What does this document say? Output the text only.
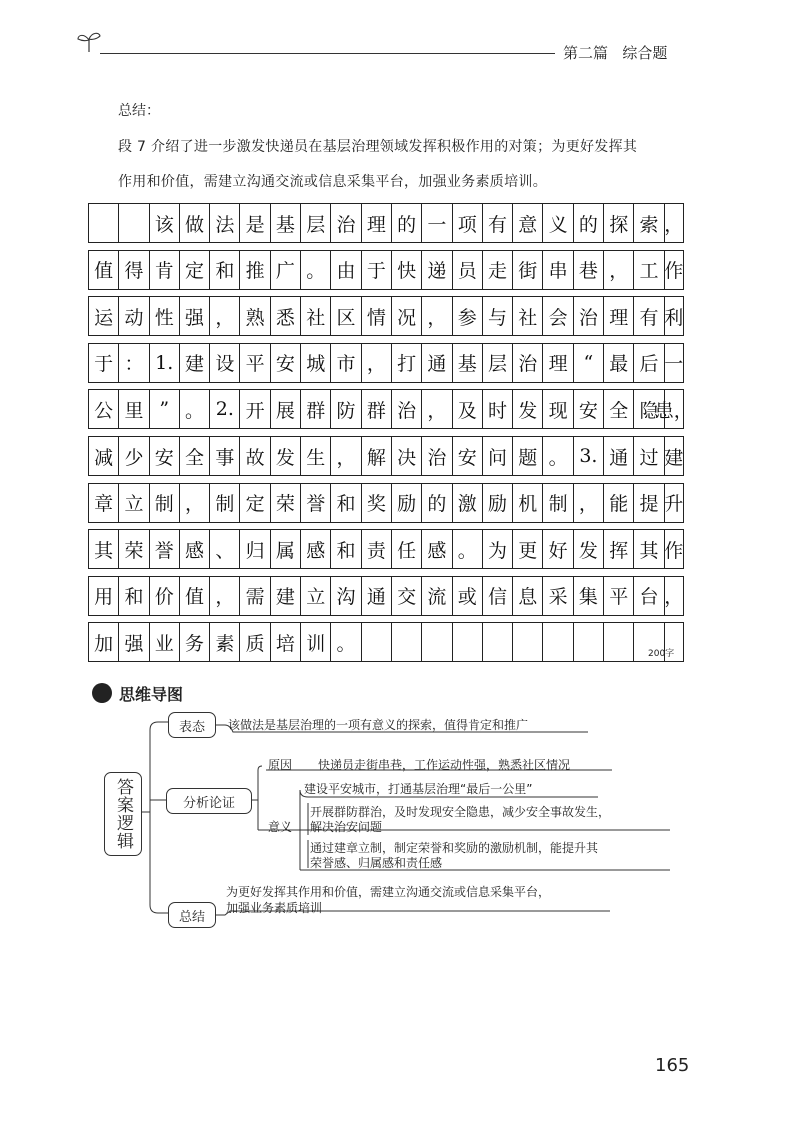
第二篇 综合题
总结：
段 7 介绍了进一步激发快递员在基层治理领域发挥积极作用的对策；为更好发挥其
作用和价值，需建立沟通交流或信息采集平台，加强业务素质培训。
该 做 法 是 基 层 治 理 的 一 项 有 意 义 的 探 索 ，
值 得 肯 定 和 推 广 。 由 于 快 递 员 走 街 串 巷 ， 工 作
运 动 性 强 ， 熟 悉 社 区 情 况 ， 参 与 社 会 治 理 有 利
于 ： 1. 建 设 平 安 城 市 ， 打 通 基 层 治 理 “ 最 后 一
公 里 ” 。 2. 开 展 群 防 群 治 ， 及 时 发 现 安 全 隐
患，
减 少 安 全 事 故 发 生 ， 解 决 治 安 问 题 。 3. 通 过 建
章 立 制 ， 制 定 荣 誉 和 奖 励 的 激 励 机 制 ， 能 提 升
其 荣 誉 感 、 归 属 感 和 责 任 感 。 为 更 好 发 挥 其 作
用 和 价 值 ， 需 建 立 沟 通 交 流 或 信 息 采 集 平 台 ，
加 强 业 务 素 质 培 训 。	200字
思维导图
答案逻辑
表态 该做法是基层治理的一项有意义的探索，值得肯定和推广
分析论证
原因 快递员走街串巷，工作运动性强，熟悉社区情况
意义
建设平安城市，打通基层治理“最后一公里”
开展群防群治，及时发现安全隐患，减少安全事故发生，
解决治安问题
通过建章立制，制定荣誉和奖励的激励机制，能提升其
荣誉感、归属感和责任感
总结
为更好发挥其作用和价值，需建立沟通交流或信息采集平台，
加强业务素质培训
165
